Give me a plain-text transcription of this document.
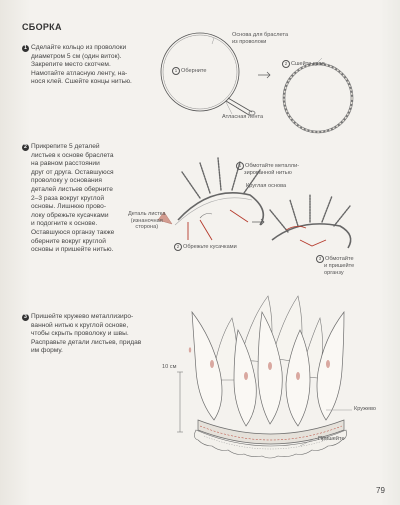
СБОРКА
1 Сделайте кольцо из проволоки
диаметром 5 см (один виток).
Закрепите место скотчем.
Намотайте атласную ленту, на-
нося клей. Сшейте концы нитью.
2 Прикрепите 5 деталей
листьев к основе браслета
на равном расстоянии
друг от друга. Оставшуюся
проволоку у основания
деталей листьев оберните
2–3 раза вокруг круглой
основы. Лишнюю прово-
локу обрежьте кусачками
и подогните к основе.
Оставшуюся органзу также
оберните вокруг круглой
основы и пришейте нитью.
3 Пришейте кружево металлизиро-
ванной нитью к круглой основе,
чтобы скрыть проволоку и швы.
Расправьте детали листьев, придав
им форму.
Основа для браслета
из проволоки
1 Оберните
2 Сшейте края
Атласная лента
1 Обмотайте металли-
зированной нитью
Круглая основа
Деталь листка
(изнаночная
сторона)
2 Обрежьте кусачками
3 Обмотайте
и пришейте
органзу
10 см
Кружево
Пришейте
79
